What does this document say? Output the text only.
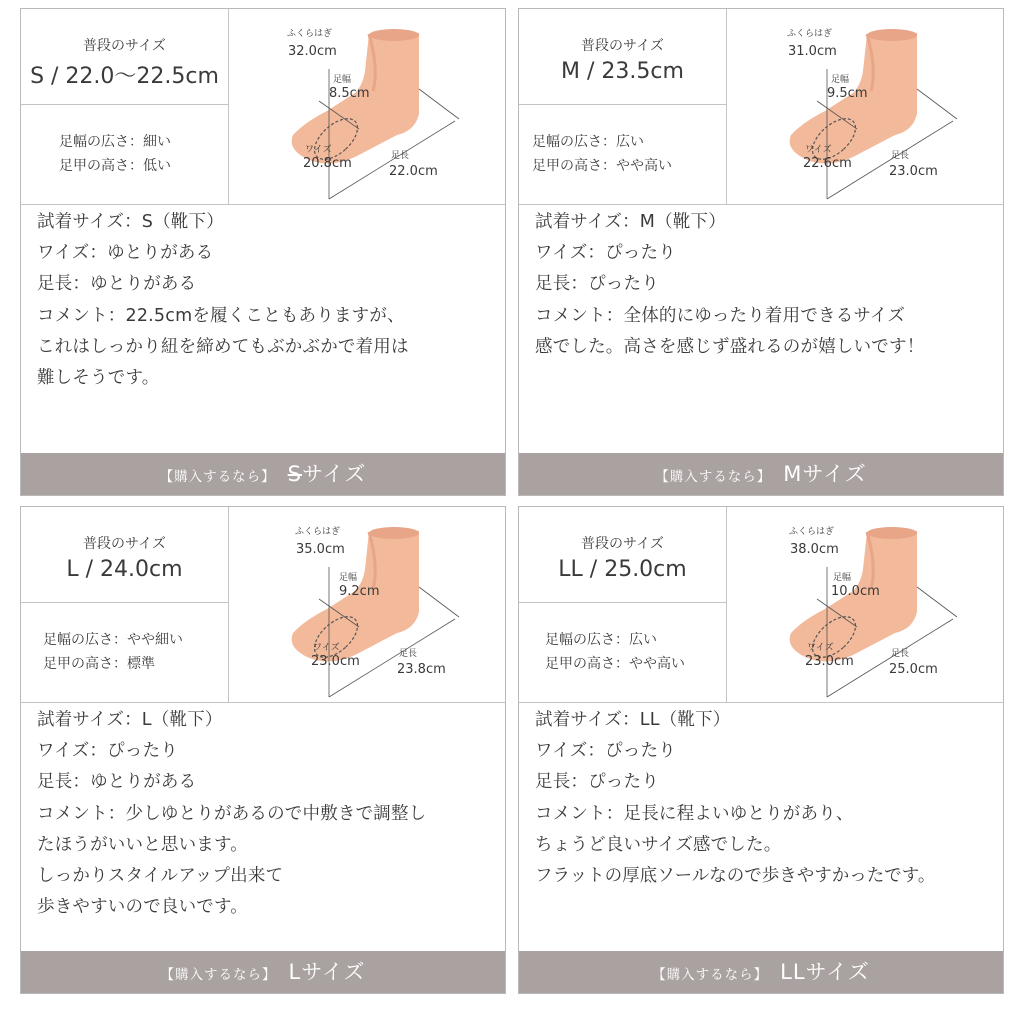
普段のサイズ
S / 22.0～22.5cm
足幅の広さ：細い
足甲の高さ：低い
ふくらはぎ
32.0cm
足幅
8.5cm
ワイズ
20.8cm	足長
22.0cm
試着サイズ：S（靴下）
ワイズ：ゆとりがある
足長：ゆとりがある
コメント：22.5cmを履くこともありますが、
これはしっかり紐を締めてもぶかぶかで着用は
難しそうです。
【購入するなら】 Sサイズ
普段のサイズ
M / 23.5cm
足幅の広さ：広い
足甲の高さ：やや高い
ふくらはぎ
31.0cm
足幅
9.5cm
ワイズ
22.6cm	足長
23.0cm
試着サイズ：M（靴下）
ワイズ：ぴったり
足長：ぴったり
コメント：全体的にゆったり着用できるサイズ
感でした。高さを感じず盛れるのが嬉しいです！
【購入するなら】 Mサイズ
普段のサイズ
L / 24.0cm
足幅の広さ：やや細い
足甲の高さ：標準
ふくらはぎ
35.0cm
足幅
9.2cm
ワイズ
23.0cm	足長
23.8cm
試着サイズ：L（靴下）
ワイズ：ぴったり
足長：ゆとりがある
コメント：少しゆとりがあるので中敷きで調整し
たほうがいいと思います。
しっかりスタイルアップ出来て
歩きやすいので良いです。
【購入するなら】 Lサイズ
普段のサイズ
LL / 25.0cm
足幅の広さ：広い
足甲の高さ：やや高い
ふくらはぎ
38.0cm
足幅
10.0cm
ワイズ
23.0cm	足長
25.0cm
試着サイズ：LL（靴下）
ワイズ：ぴったり
足長：ぴったり
コメント：足長に程よいゆとりがあり、
ちょうど良いサイズ感でした。
フラットの厚底ソールなので歩きやすかったです。
【購入するなら】 LLサイズ
